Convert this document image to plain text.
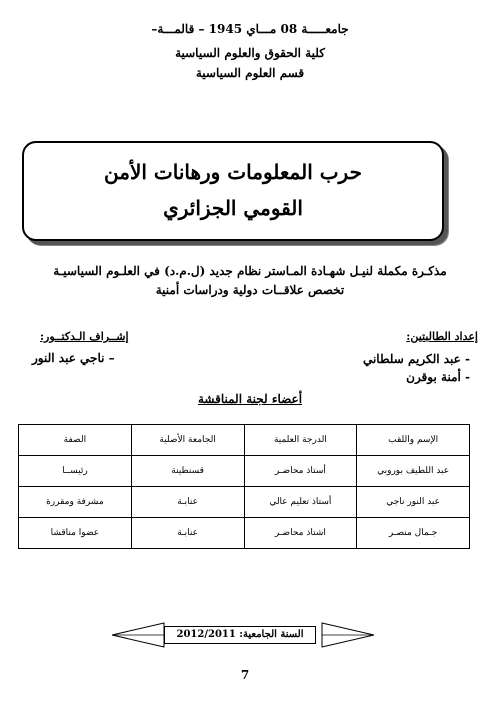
جامعـــــة 08 مـــاي 1945 – قالمـــة–
كلية الحقوق والعلوم السياسية
قسم العلوم السياسية
حرب المعلومات ورهانات الأمن
القومي الجزائري
مذكـرة مكملة لنيـل شهـادة المـاستر نظام جديد (ل.م.د) في العلـوم السياسيـة
تخصص علاقــات دولية ودراسات أمنية
إعداد الطالبتين:
- عبد الكريم سلطاني
- أمنة بوقرن
إشــراف الـدكتــور:
– ناجي عبد النور
أعضاء لجنة المناقشة
الإسم واللقب	الدرجة العلمية	الجامعة الأصلية	الصفة
عبد اللطيف بوروبي	أستاذ محاضـر	قسنطينة	رئيســا
عبد النور ناجي	أستاذ تعليم عالي	عنابـة	مشرفة ومقررة
جـمال منصـر	اشتاذ محاضـر	عنابـة	عضوا مناقشا
السنة الجامعية: 2012/2011
7
